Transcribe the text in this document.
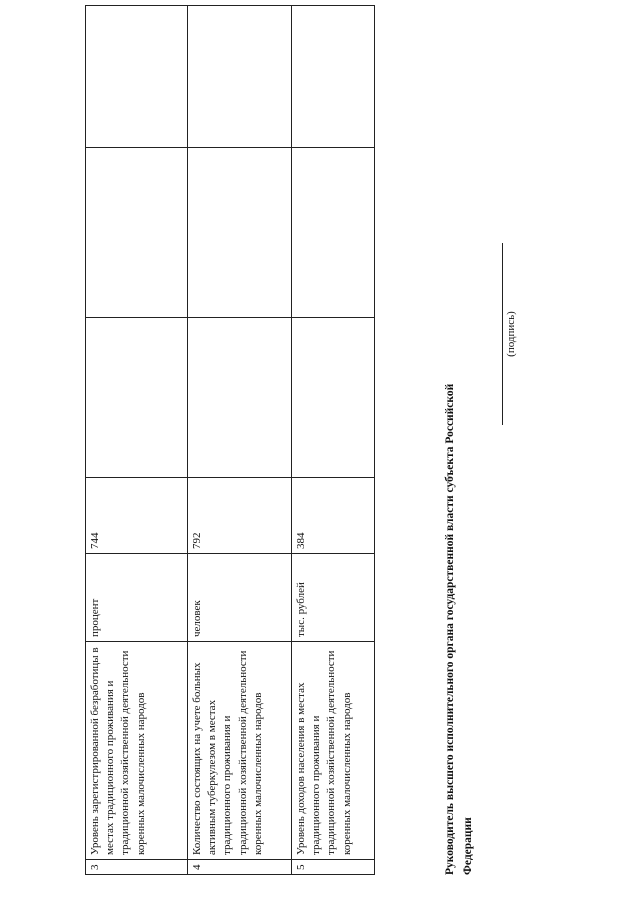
3	Уровень зарегистрированной безработицы в местах традиционного проживания и традиционной хозяйственной деятельности коренных малочисленных народов	процент	744			
4	Количество состоящих на учете больных активным туберкулезом в местах традиционного проживания и традиционной хозяйственной деятельности коренных малочисленных народов	человек	792			
5	Уровень доходов населения в местах традиционного проживания и традиционной хозяйственной деятельности коренных малочисленных народов	тыс. рублей	384				Руководитель высшего исполнительного органа государственной власти субъекта Российской Федерации
(подпись)
